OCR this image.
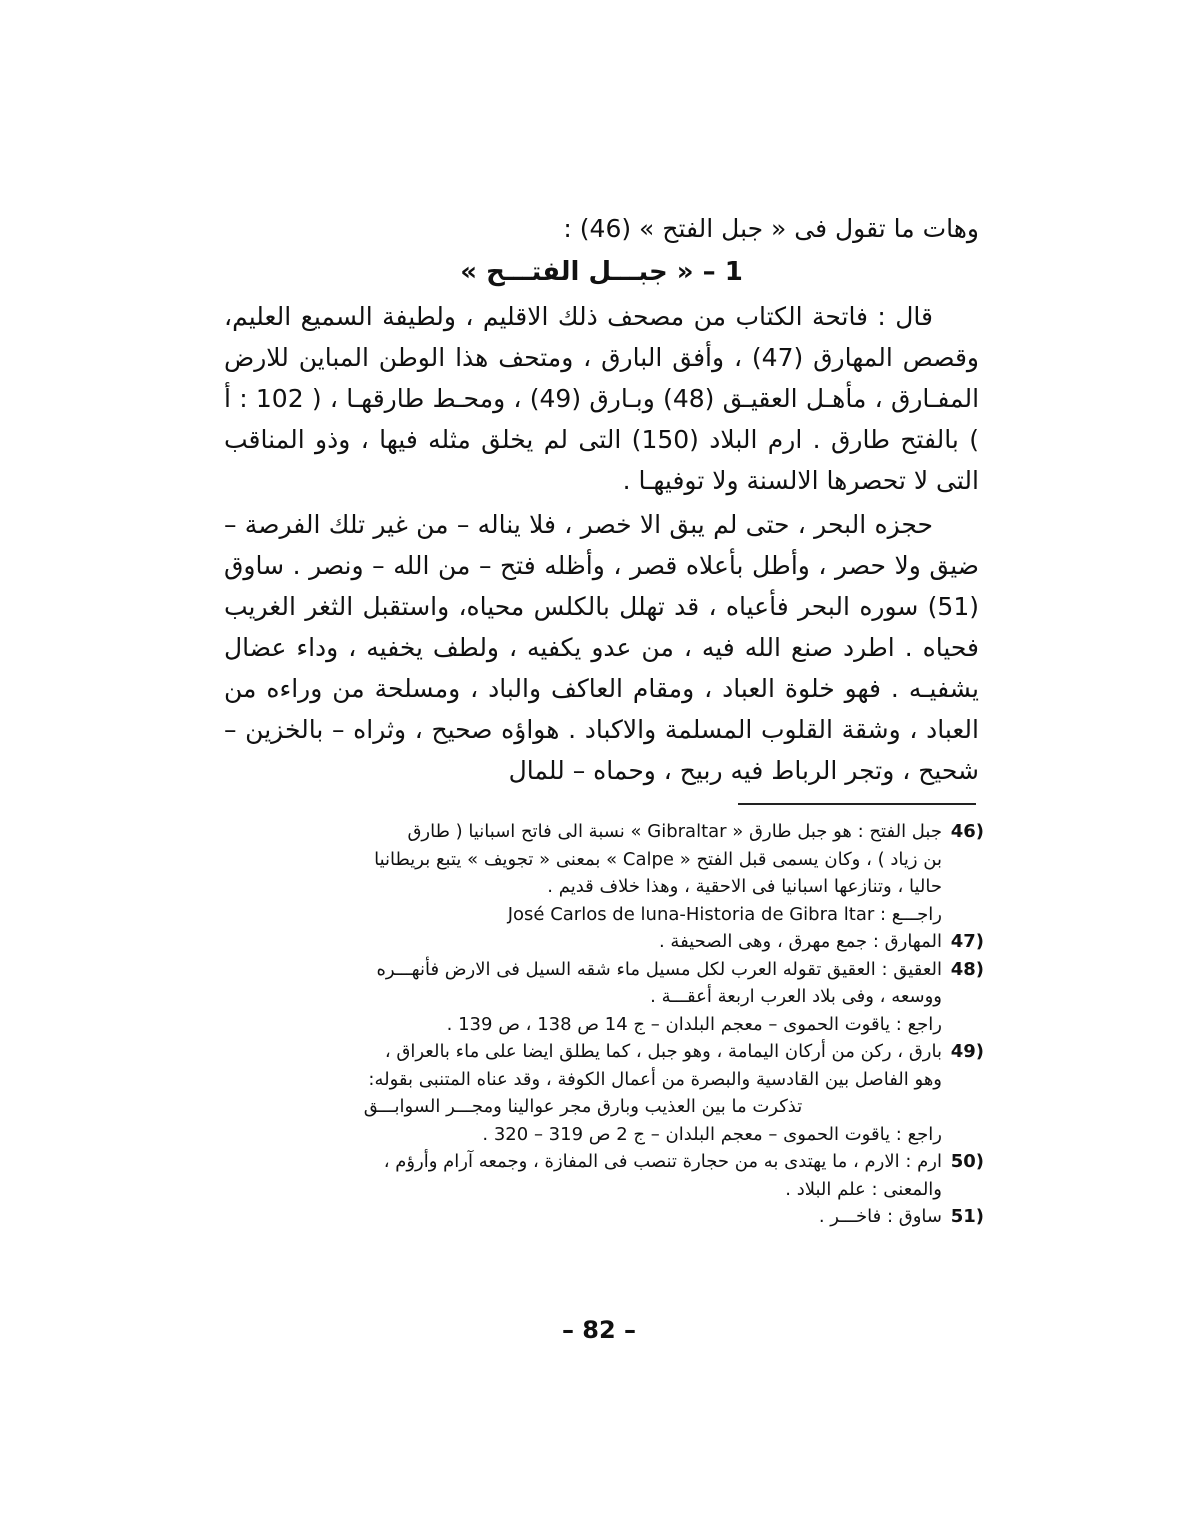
وهات ما تقول فى « جبل الفتح » (46) :
1 – « جبـــل الفتـــح »
قال : فاتحة الكتاب من مصحف ذلك الاقليم ، ولطيفة السميع العليم، وقصص المهارق (47) ، وأفق البارق ، ومتحف هذا الوطن المباين للارض المفـارق ، مأهـل العقيـق (48) وبـارق (49) ، ومحـط طارقهـا ، ( 102 : أ ) بالفتح طارق . ارم البلاد (150) التى لم يخلق مثله فيها ، وذو المناقب التى لا تحصرها الالسنة ولا توفيهـا .
حجزه البحر ، حتى لم يبق الا خصر ، فلا يناله – من غير تلك الفرصة – ضيق ولا حصر ، وأطل بأعلاه قصر ، وأظله فتح – من الله – ونصر . ساوق (51) سوره البحر فأعياه ، قد تهلل بالكلس محياه، واستقبل الثغر الغريب فحياه . اطرد صنع الله فيه ، من عدو يكفيه ، ولطف يخفيه ، وداء عضال يشفيـه . فهو خلوة العباد ، ومقام العاكف والباد ، ومسلحة من وراءه من العباد ، وشقة القلوب المسلمة والاكباد . هواؤه صحيح ، وثراه – بالخزين – شحيح ، وتجر الرباط فيه ربيح ، وحماه – للمال
46)
جبل الفتح : هو جبل طارق « Gibraltar » نسبة الى فاتح اسبانيا ( طارق
بن زياد ) ، وكان يسمى قبل الفتح « Calpe » بمعنى « تجويف » يتبع بريطانيا
حاليا ، وتنازعها اسبانيا فى الاحقية ، وهذا خلاف قديم .
José Carlos de luna-Historia de Gibra ltar : راجـــع
47)
المهارق : جمع مهرق ، وهى الصحيفة .
48)
العقيق : العقيق تقوله العرب لكل مسيل ماء شقه السيل فى الارض فأنهـــره
ووسعه ، وفى بلاد العرب اربعة أعقـــة .
راجع : ياقوت الحموى – معجم البلدان – ج 14 ص 138 ، ص 139 .
49)
بارق ، ركن من أركان اليمامة ، وهو جبل ، كما يطلق ايضا على ماء بالعراق ،
وهو الفاصل بين القادسية والبصرة من أعمال الكوفة ، وقد عناه المتنبى بقوله:
تذكرت ما بين العذيب وبارق مجر عوالينا ومجـــر السوابـــق
راجع : ياقوت الحموى – معجم البلدان – ج 2 ص 319 – 320 .
50)
ارم : الارم ، ما يهتدى به من حجارة تنصب فى المفازة ، وجمعه آرام وأرؤم ،
والمعنى : علم البلاد .
51)
ساوق : فاخـــر .
– 82 –
